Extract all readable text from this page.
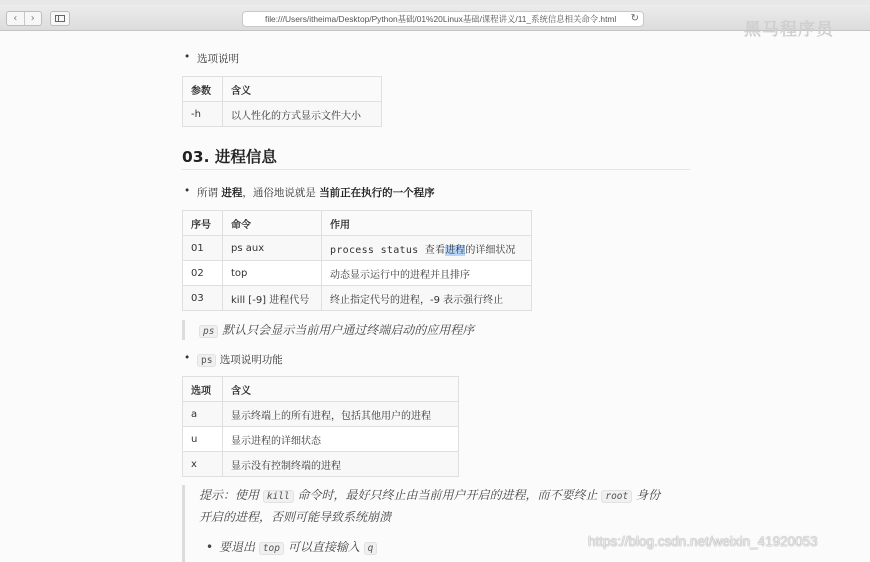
‹	›	file:///Users/itheima/Desktop/Python基础/01%20Linux基础/课程讲义/11_系统信息相关命令.html ↻
黑马程序员
• 选项说明
参数	含义
-h	以人性化的方式显示文件大小
03. 进程信息
• 所谓 进程，通俗地说就是 当前正在执行的一个程序
序号	命令	作用
01	ps aux	process status 查看进程的详细状况
02	top	动态显示运行中的进程并且排序
03	kill [-9] 进程代号	终止指定代号的进程，-9 表示强行终止
ps 默认只会显示当前用户通过终端启动的应用程序
• ps 选项说明功能
选项	含义
a	显示终端上的所有进程，包括其他用户的进程
u	显示进程的详细状态
x	显示没有控制终端的进程
提示：使用 kill 命令时，最好只终止由当前用户开启的进程，而不要终止 root 身份
开启的进程，否则可能导致系统崩溃
• 要退出 top 可以直接输入 q	https://blog.csdn.net/weixin_41920053
